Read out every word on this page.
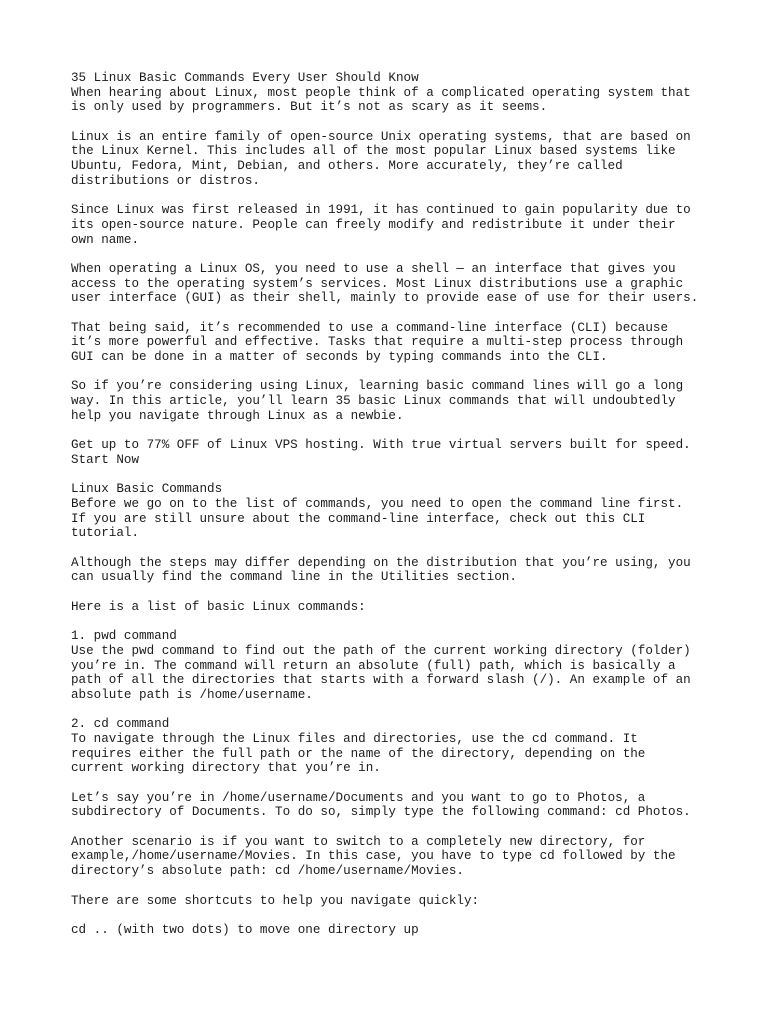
35 Linux Basic Commands Every User Should Know
When hearing about Linux, most people think of a complicated operating system that
is only used by programmers. But it’s not as scary as it seems.
Linux is an entire family of open-source Unix operating systems, that are based on
the Linux Kernel. This includes all of the most popular Linux based systems like
Ubuntu, Fedora, Mint, Debian, and others. More accurately, they’re called
distributions or distros.
Since Linux was first released in 1991, it has continued to gain popularity due to
its open-source nature. People can freely modify and redistribute it under their
own name.
When operating a Linux OS, you need to use a shell — an interface that gives you
access to the operating system’s services. Most Linux distributions use a graphic
user interface (GUI) as their shell, mainly to provide ease of use for their users.
That being said, it’s recommended to use a command-line interface (CLI) because
it’s more powerful and effective. Tasks that require a multi-step process through
GUI can be done in a matter of seconds by typing commands into the CLI.
So if you’re considering using Linux, learning basic command lines will go a long
way. In this article, you’ll learn 35 basic Linux commands that will undoubtedly
help you navigate through Linux as a newbie.
Get up to 77% OFF of Linux VPS hosting. With true virtual servers built for speed.
Start Now
Linux Basic Commands
Before we go on to the list of commands, you need to open the command line first.
If you are still unsure about the command-line interface, check out this CLI
tutorial.
Although the steps may differ depending on the distribution that you’re using, you
can usually find the command line in the Utilities section.
Here is a list of basic Linux commands:
1. pwd command
Use the pwd command to find out the path of the current working directory (folder)
you’re in. The command will return an absolute (full) path, which is basically a
path of all the directories that starts with a forward slash (/). An example of an
absolute path is /home/username.
2. cd command
To navigate through the Linux files and directories, use the cd command. It
requires either the full path or the name of the directory, depending on the
current working directory that you’re in.
Let’s say you’re in /home/username/Documents and you want to go to Photos, a
subdirectory of Documents. To do so, simply type the following command: cd Photos.
Another scenario is if you want to switch to a completely new directory, for
example,/home/username/Movies. In this case, you have to type cd followed by the
directory’s absolute path: cd /home/username/Movies.
There are some shortcuts to help you navigate quickly:
cd .. (with two dots) to move one directory up
